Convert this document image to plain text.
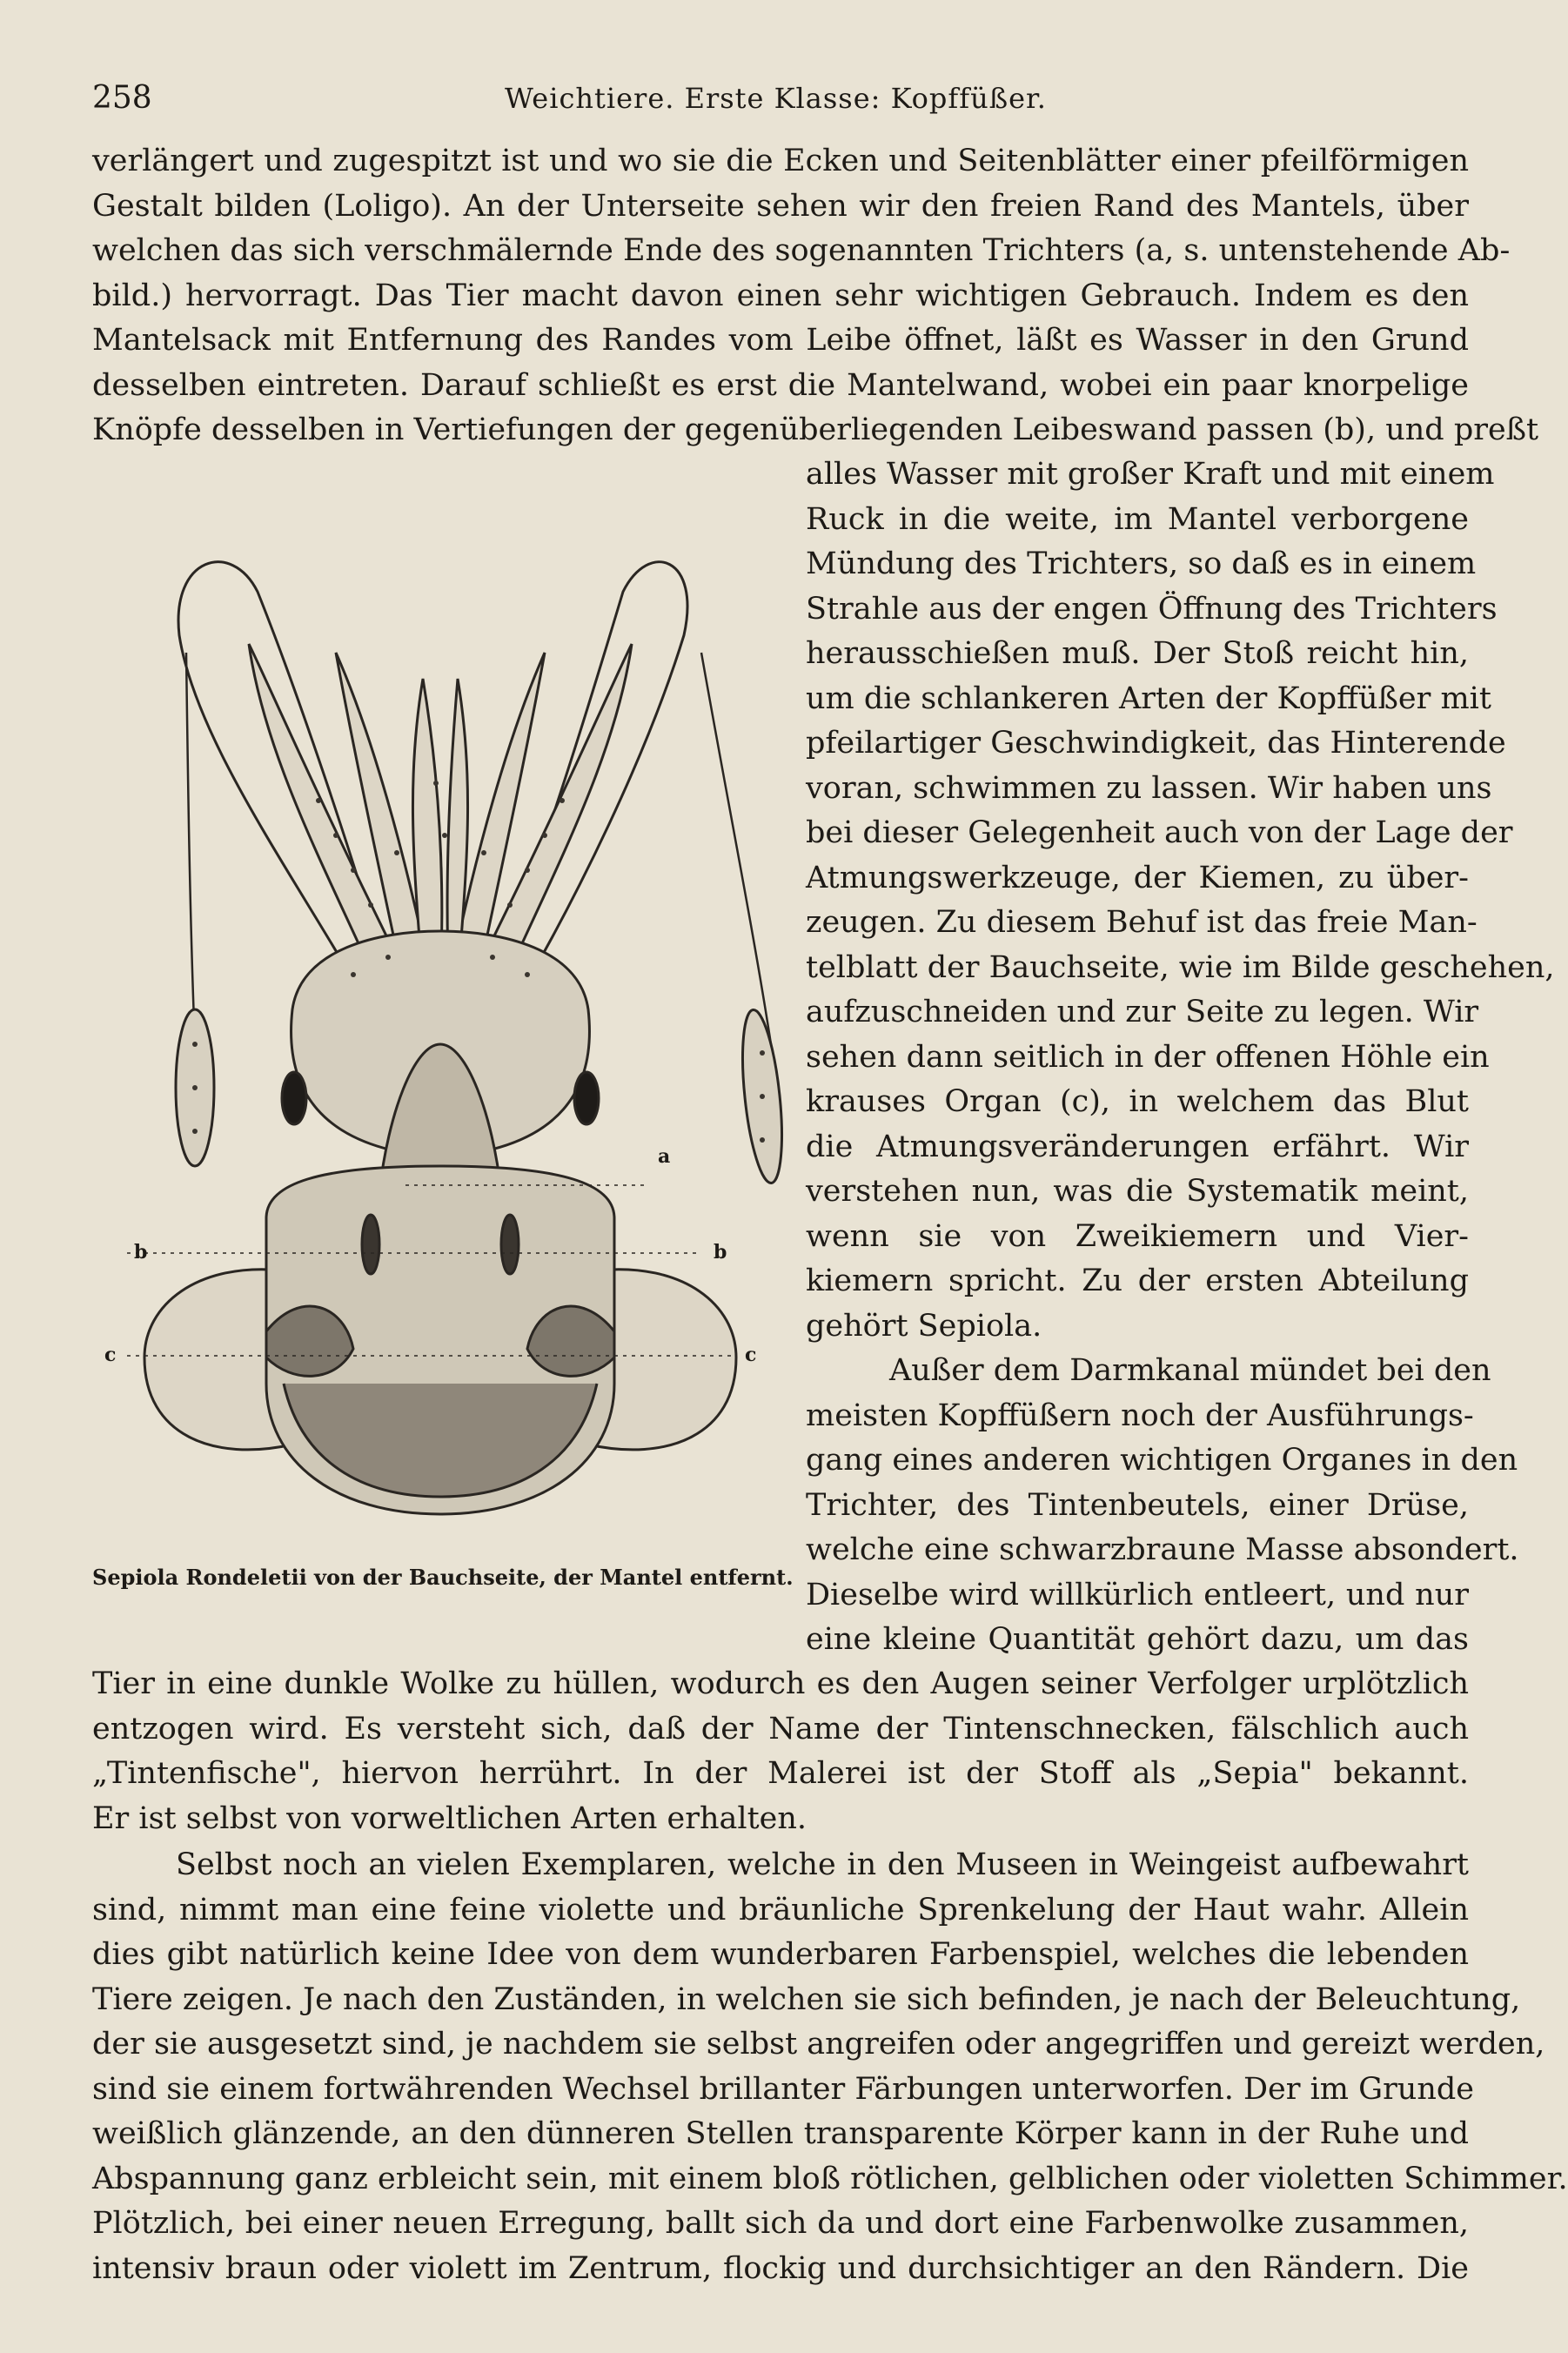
258	Weichtiere. Erste Klasse: Kopffüßer.
verlängert und zugespitzt ist und wo sie die Ecken und Seitenblätter einer pfeilförmigen
Gestalt bilden (Loligo). An der Unterseite sehen wir den freien Rand des Mantels, über
welchen das sich verschmälernde Ende des sogenannten Trichters (a, s. untenstehende Ab-
bild.) hervorragt. Das Tier macht davon einen sehr wichtigen Gebrauch. Indem es den
Mantelsack mit Entfernung des Randes vom Leibe öffnet, läßt es Wasser in den Grund
desselben eintreten. Darauf schließt es erst die Mantelwand, wobei ein paar knorpelige
Knöpfe desselben in Vertiefungen der gegenüberliegenden Leibeswand passen (b), und preßt
alles Wasser mit großer Kraft und mit einem
Ruck in die weite, im Mantel verborgene
Mündung des Trichters, so daß es in einem
Strahle aus der engen Öffnung des Trichters
herausschießen muß. Der Stoß reicht hin,
um die schlankeren Arten der Kopffüßer mit
pfeilartiger Geschwindigkeit, das Hinterende
voran, schwimmen zu lassen. Wir haben uns
bei dieser Gelegenheit auch von der Lage der
Atmungswerkzeuge, der Kiemen, zu über-
zeugen. Zu diesem Behuf ist das freie Man-
telblatt der Bauchseite, wie im Bilde geschehen,
aufzuschneiden und zur Seite zu legen. Wir
sehen dann seitlich in der offenen Höhle ein
krauses Organ (c), in welchem das Blut
die Atmungsveränderungen erfährt. Wir
verstehen nun, was die Systematik meint,
wenn sie von Zweikiemern und Vier-
kiemern spricht. Zu der ersten Abteilung
gehört Sepiola.
Außer dem Darmkanal mündet bei den
meisten Kopffüßern noch der Ausführungs-
gang eines anderen wichtigen Organes in den
Trichter, des Tintenbeutels, einer Drüse,
welche eine schwarzbraune Masse absondert.
Dieselbe wird willkürlich entleert, und nur
eine kleine Quantität gehört dazu, um das
Tier in eine dunkle Wolke zu hüllen, wodurch es den Augen seiner Verfolger urplötzlich
entzogen wird. Es versteht sich, daß der Name der Tintenschnecken, fälschlich auch
„Tintenfische", hiervon herrührt. In der Malerei ist der Stoff als „Sepia" bekannt.
Er ist selbst von vorweltlichen Arten erhalten.
Selbst noch an vielen Exemplaren, welche in den Museen in Weingeist aufbewahrt
sind, nimmt man eine feine violette und bräunliche Sprenkelung der Haut wahr. Allein
dies gibt natürlich keine Idee von dem wunderbaren Farbenspiel, welches die lebenden
Tiere zeigen. Je nach den Zuständen, in welchen sie sich befinden, je nach der Beleuchtung,
der sie ausgesetzt sind, je nachdem sie selbst angreifen oder angegriffen und gereizt werden,
sind sie einem fortwährenden Wechsel brillanter Färbungen unterworfen. Der im Grunde
weißlich glänzende, an den dünneren Stellen transparente Körper kann in der Ruhe und
Abspannung ganz erbleicht sein, mit einem bloß rötlichen, gelblichen oder violetten Schimmer.
Plötzlich, bei einer neuen Erregung, ballt sich da und dort eine Farbenwolke zusammen,
intensiv braun oder violett im Zentrum, flockig und durchsichtiger an den Rändern. Die
a
b	b
c	c
Sepiola Rondeletii von der Bauchseite, der Mantel entfernt.
